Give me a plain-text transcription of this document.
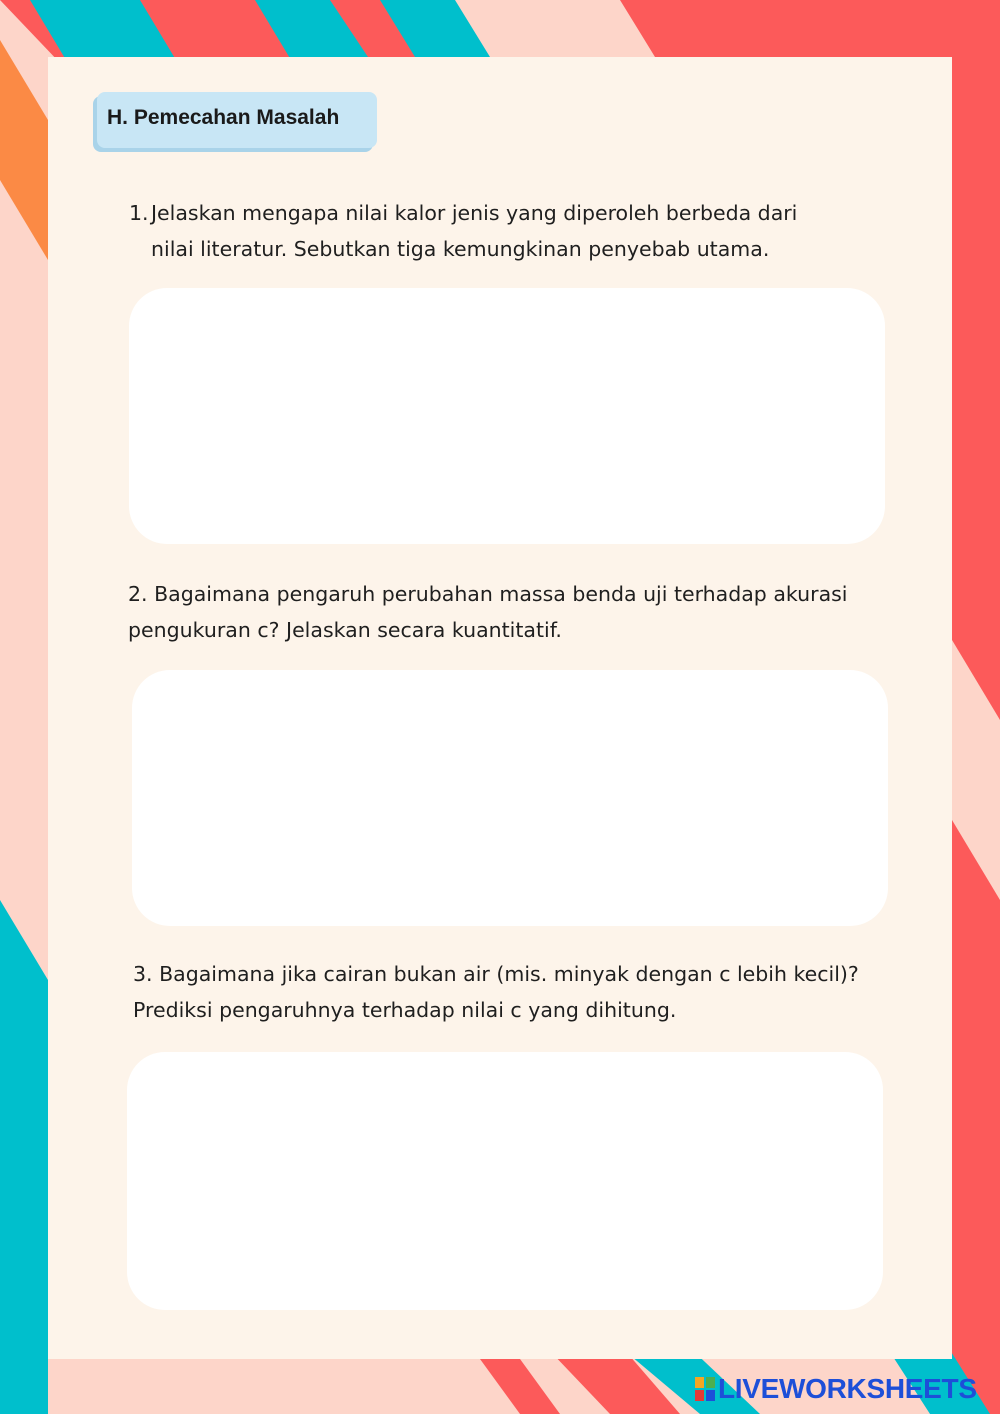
H. Pemecahan Masalah
1. Jelaskan mengapa nilai kalor jenis yang diperoleh berbeda dari
nilai literatur. Sebutkan tiga kemungkinan penyebab utama.
2. Bagaimana pengaruh perubahan massa benda uji terhadap akurasi
pengukuran c? Jelaskan secara kuantitatif.
3. Bagaimana jika cairan bukan air (mis. minyak dengan c lebih kecil)?
Prediksi pengaruhnya terhadap nilai c yang dihitung.
LIVEWORKSHEETS
